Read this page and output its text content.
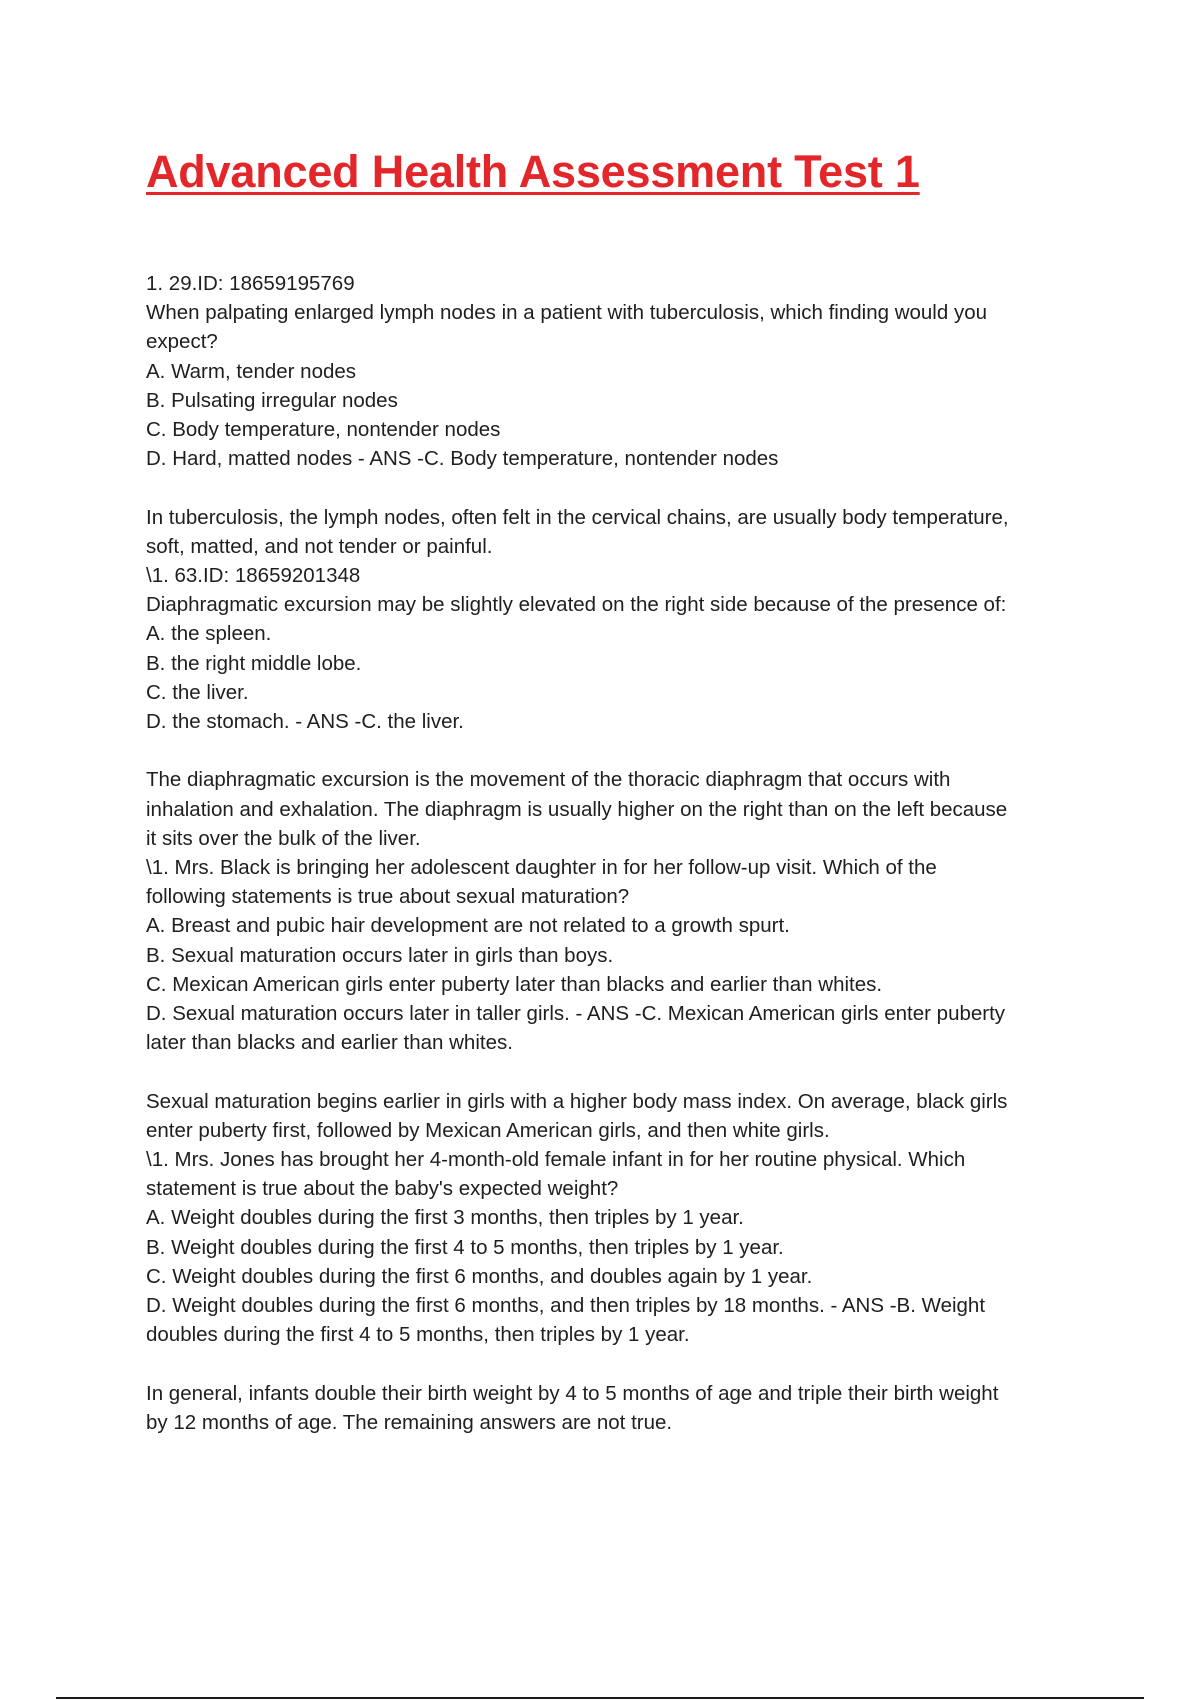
Advanced Health Assessment Test 1
1. 29.ID: 18659195769
When palpating enlarged lymph nodes in a patient with tuberculosis, which finding would you
expect?
A. Warm, tender nodes
B. Pulsating irregular nodes
C. Body temperature, nontender nodes
D. Hard, matted nodes - ANS -C. Body temperature, nontender nodes
In tuberculosis, the lymph nodes, often felt in the cervical chains, are usually body temperature,
soft, matted, and not tender or painful.
\1. 63.ID: 18659201348
Diaphragmatic excursion may be slightly elevated on the right side because of the presence of:
A. the spleen.
B. the right middle lobe.
C. the liver.
D. the stomach. - ANS -C. the liver.
The diaphragmatic excursion is the movement of the thoracic diaphragm that occurs with
inhalation and exhalation. The diaphragm is usually higher on the right than on the left because
it sits over the bulk of the liver.
\1. Mrs. Black is bringing her adolescent daughter in for her follow-up visit. Which of the
following statements is true about sexual maturation?
A. Breast and pubic hair development are not related to a growth spurt.
B. Sexual maturation occurs later in girls than boys.
C. Mexican American girls enter puberty later than blacks and earlier than whites.
D. Sexual maturation occurs later in taller girls. - ANS -C. Mexican American girls enter puberty
later than blacks and earlier than whites.
Sexual maturation begins earlier in girls with a higher body mass index. On average, black girls
enter puberty first, followed by Mexican American girls, and then white girls.
\1. Mrs. Jones has brought her 4-month-old female infant in for her routine physical. Which
statement is true about the baby's expected weight?
A. Weight doubles during the first 3 months, then triples by 1 year.
B. Weight doubles during the first 4 to 5 months, then triples by 1 year.
C. Weight doubles during the first 6 months, and doubles again by 1 year.
D. Weight doubles during the first 6 months, and then triples by 18 months. - ANS -B. Weight
doubles during the first 4 to 5 months, then triples by 1 year.
In general, infants double their birth weight by 4 to 5 months of age and triple their birth weight
by 12 months of age. The remaining answers are not true.
